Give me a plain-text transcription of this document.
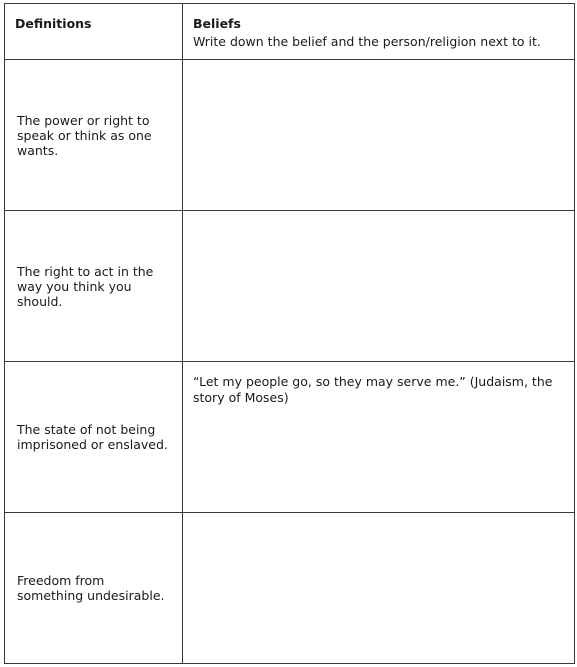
Definitions	Beliefs
Write down the belief and the person/religion next to it.

The power or right to speak or think as one wants.	

The right to act in the way you think you should.	

The state of not being imprisoned or enslaved.	“Let my people go, so they may serve me.” (Judaism, the story of Moses)

Freedom from something undesirable.	
